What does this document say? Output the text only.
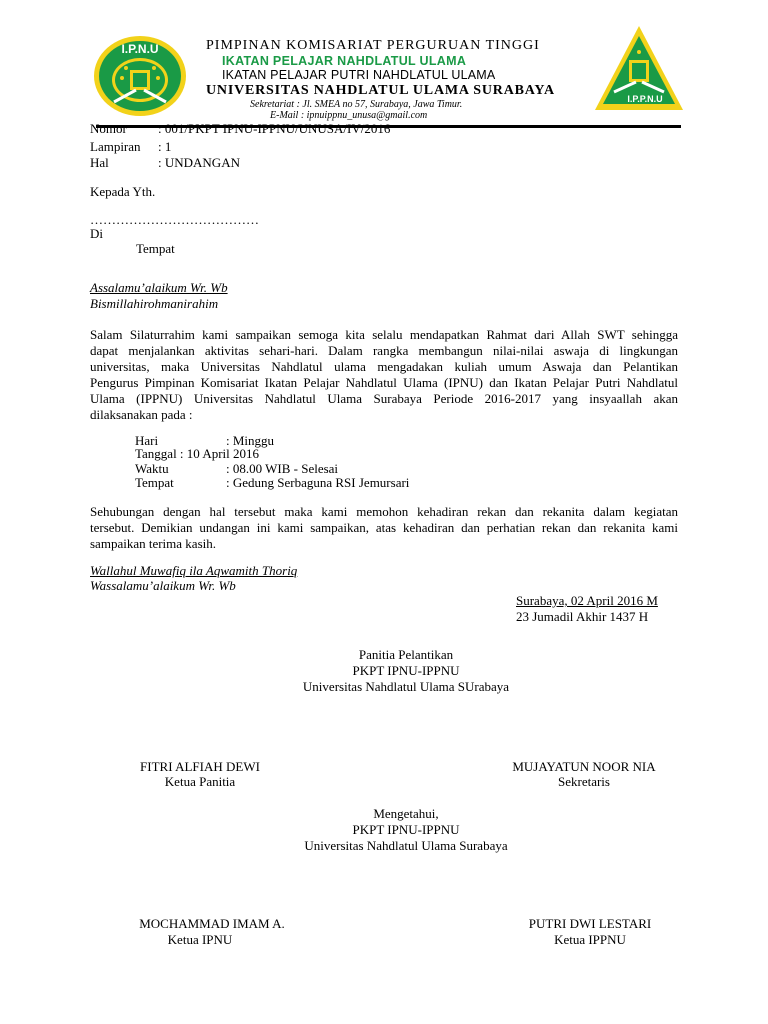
I.P.N.U
I.P.P.N.U
PIMPINAN KOMISARIAT PERGURUAN TINGGI
IKATAN PELAJAR NAHDLATUL ULAMA
IKATAN PELAJAR PUTRI NAHDLATUL ULAMA
UNIVERSITAS NAHDLATUL ULAMA SURABAYA
Sekretariat : Jl. SMEA no 57, Surabaya, Jawa Timur.
E-Mail : ipnuippnu_unusa@gmail.com
Nomor : 001/PKPT IPNU-IPPNU/UNUSA/IV/2016
Lampiran : 1
Hal	: UNDANGAN
Kepada Yth.
…………………………………
Di
Tempat
Assalamu’alaikum Wr. Wb
Bismillahirohmanirahim
Salam Silaturrahim kami sampaikan semoga kita selalu mendapatkan Rahmat dari Allah SWT sehingga
dapat menjalankan aktivitas sehari-hari. Dalam rangka membangun nilai-nilai aswaja di lingkungan
universitas, maka Universitas Nahdlatul ulama mengadakan kuliah umum Aswaja dan Pelantikan
Pengurus Pimpinan Komisariat Ikatan Pelajar Nahdlatul Ulama (IPNU) dan Ikatan Pelajar Putri Nahdlatul
Ulama (IPPNU) Universitas Nahdlatul Ulama Surabaya Periode 2016-2017 yang insyaallah akan
dilaksanakan pada :
Hari	: Minggu
Tanggal : 10 April 2016
Waktu	: 08.00 WIB - Selesai
Tempat	: Gedung Serbaguna RSI Jemursari
Sehubungan dengan hal tersebut maka kami memohon kehadiran rekan dan rekanita dalam kegiatan
tersebut. Demikian undangan ini kami sampaikan, atas kehadiran dan perhatian rekan dan rekanita kami
sampaikan terima kasih.
Wallahul Muwafiq ila Aqwamith Thoriq
Wassalamu’alaikum Wr. Wb
Surabaya, 02 April 2016 M
23 Jumadil Akhir 1437 H
Panitia Pelantikan
PKPT IPNU-IPPNU
Universitas Nahdlatul Ulama SUrabaya
FITRI ALFIAH DEWI
Ketua Panitia
MUJAYATUN NOOR NIA
Sekretaris
Mengetahui,
PKPT IPNU-IPPNU
Universitas Nahdlatul Ulama Surabaya
MOCHAMMAD IMAM A.
Ketua IPNU
PUTRI DWI LESTARI
Ketua IPPNU
